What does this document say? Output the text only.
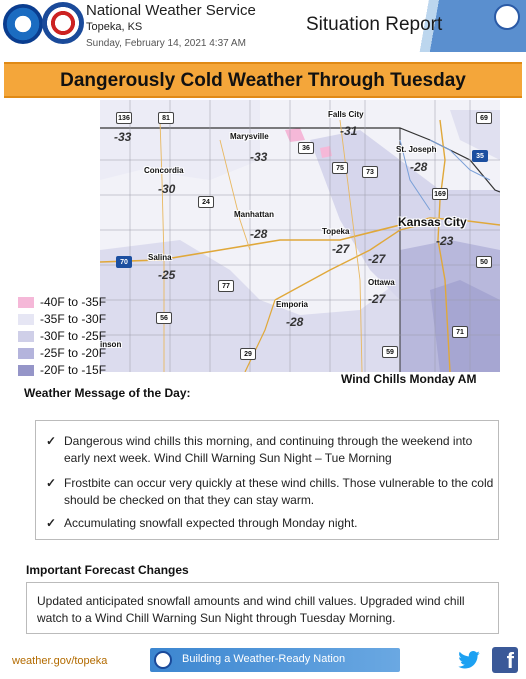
National Weather Service
Topeka, KS
Sunday, February 14, 2021 4:37 AM
Situation Report
Dangerously Cold Weather Through Tuesday
Falls City
-31
Marysville
-33
St. Joseph
-28
Concordia
-30
Manhattan
-28	Topeka
-27
Kansas City
-23
Salina
-25
Ottawa
-27
Emporia
-28
-33
-27
inson
136	81
36
75
73
24
169
35
69
70
77
56
50
59
71
29
-40F to -35F
-35F to -30F
-30F to -25F
-25F to -20F
-20F to -15F
Wind Chills Monday AM
Weather Message of the Day:
✓ Dangerous wind chills this morning, and continuing through the weekend into early next week. Wind Chill Warning Sun Night – Tue Morning
✓ Frostbite can occur very quickly at these wind chills. Those vulnerable to the cold should be checked on that they can stay warm.
✓ Accumulating snowfall expected through Monday night.
Important Forecast Changes
Updated anticipated snowfall amounts and wind chill values. Upgraded wind chill watch to a Wind Chill Warning Sun Night through Tuesday Morning.
weather.gov/topeka	Building a Weather-Ready Nation	f
